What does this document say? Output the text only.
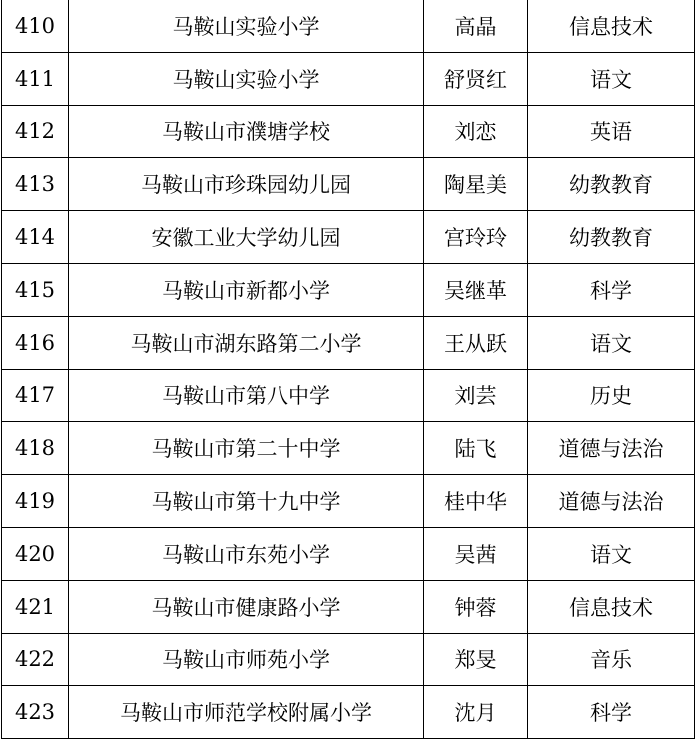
410	马鞍山实验小学	高晶	信息技术
411	马鞍山实验小学	舒贤红	语文
412	马鞍山市濮塘学校	刘恋	英语
413	马鞍山市珍珠园幼儿园	陶星美	幼教教育
414	安徽工业大学幼儿园	宫玲玲	幼教教育
415	马鞍山市新都小学	吴继革	科学
416	马鞍山市湖东路第二小学	王从跃	语文
417	马鞍山市第八中学	刘芸	历史
418	马鞍山市第二十中学	陆飞	道德与法治
419	马鞍山市第十九中学	桂中华	道德与法治
420	马鞍山市东苑小学	吴茜	语文
421	马鞍山市健康路小学	钟蓉	信息技术
422	马鞍山市师苑小学	郑旻	音乐
423	马鞍山市师范学校附属小学	沈月	科学
